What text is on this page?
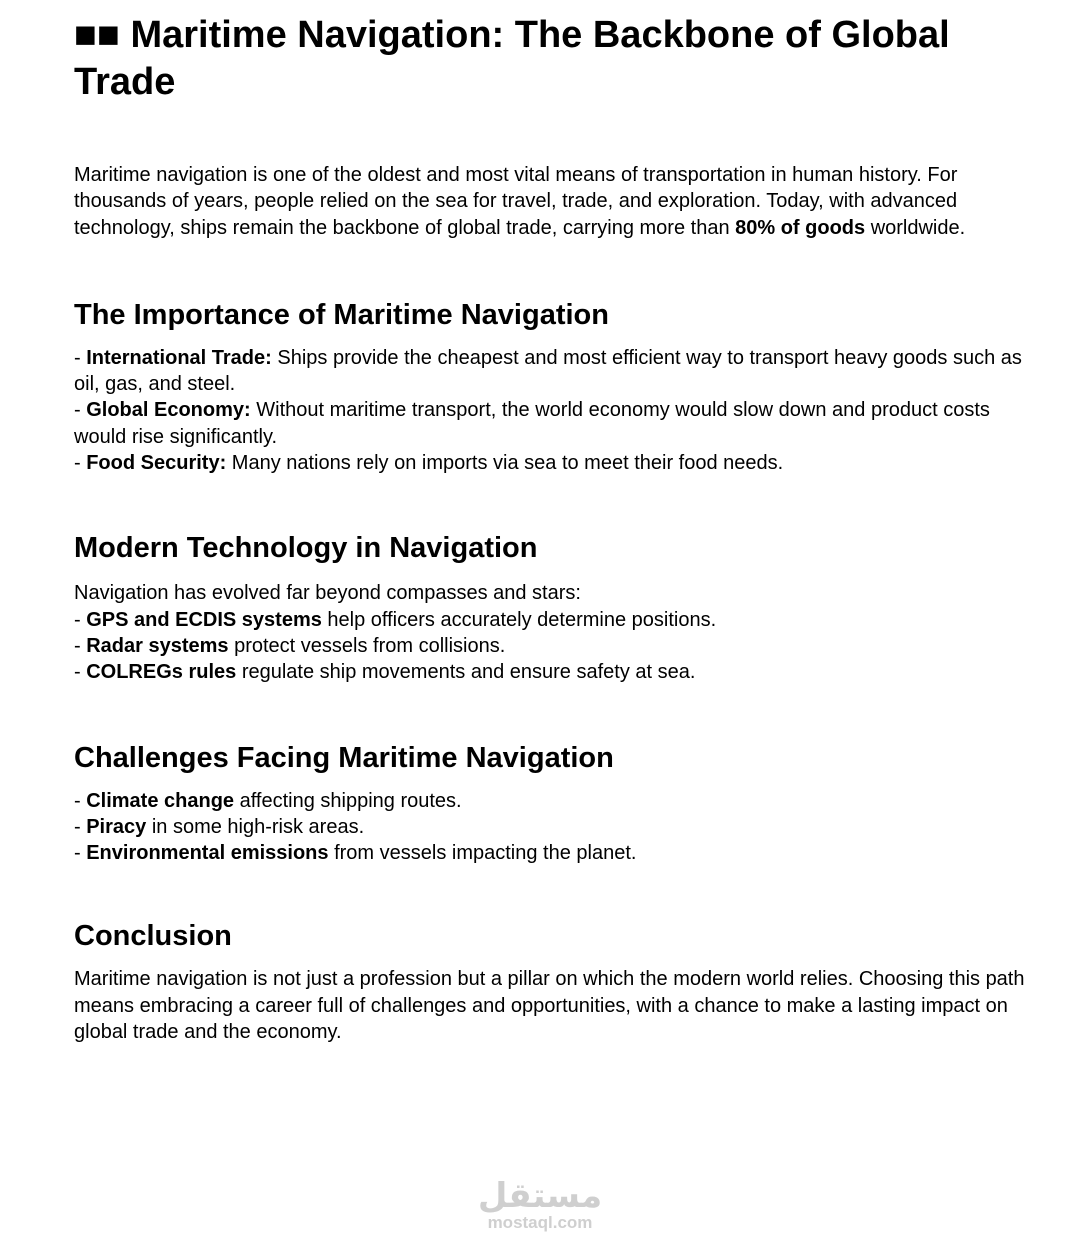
■■ Maritime Navigation: The Backbone of Global Trade

Maritime navigation is one of the oldest and most vital means of transportation in human history. For thousands of years, people relied on the sea for travel, trade, and exploration. Today, with advanced technology, ships remain the backbone of global trade, carrying more than 80% of goods worldwide.

The Importance of Maritime Navigation
- International Trade: Ships provide the cheapest and most efficient way to transport heavy goods such as oil, gas, and steel.
- Global Economy: Without maritime transport, the world economy would slow down and product costs would rise significantly.
- Food Security: Many nations rely on imports via sea to meet their food needs.
Modern Technology in Navigation
Navigation has evolved far beyond compasses and stars:
- GPS and ECDIS systems help officers accurately determine positions.
- Radar systems protect vessels from collisions.
- COLREGs rules regulate ship movements and ensure safety at sea.
Challenges Facing Maritime Navigation
- Climate change affecting shipping routes.
- Piracy in some high-risk areas.
- Environmental emissions from vessels impacting the planet.
Conclusion

Maritime navigation is not just a profession but a pillar on which the modern world relies. Choosing this path means embracing a career full of challenges and opportunities, with a chance to make a lasting impact on global trade and the economy.

مستقل
mostaql.com
